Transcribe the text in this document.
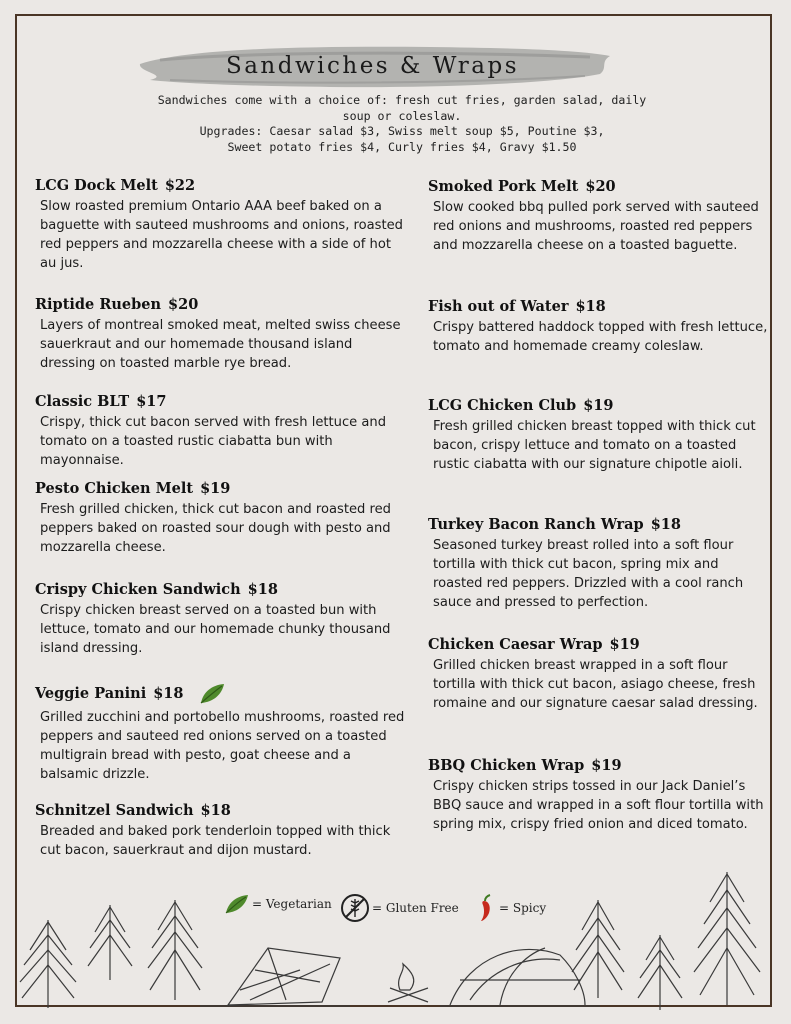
Sandwiches & Wraps
Sandwiches come with a choice of: fresh cut fries, garden salad, daily
soup or coleslaw.
Upgrades: Caesar salad $3, Swiss melt soup $5, Poutine $3,
Sweet potato fries $4, Curly fries $4, Gravy $1.50
LCG Dock Melt $22
Slow roasted premium Ontario AAA beef baked on a baguette with sauteed mushrooms and onions, roasted red peppers and mozzarella cheese with a side of hot au jus.
Riptide Rueben $20
Layers of montreal smoked meat, melted swiss cheese sauerkraut and our homemade thousand island dressing on toasted marble rye bread.
Classic BLT $17
Crispy, thick cut bacon served with fresh lettuce and tomato on a toasted rustic ciabatta bun with mayonnaise.
Pesto Chicken Melt $19
Fresh grilled chicken, thick cut bacon and roasted red peppers baked on roasted sour dough with pesto and mozzarella cheese.
Crispy Chicken Sandwich $18
Crispy chicken breast served on a toasted bun with lettuce, tomato and our homemade chunky thousand island dressing.
Veggie Panini $18
Grilled zucchini and portobello mushrooms, roasted red peppers and sauteed red onions served on a toasted multigrain bread with pesto, goat cheese and a balsamic drizzle.
Schnitzel Sandwich $18
Breaded and baked pork tenderloin topped with thick cut bacon, sauerkraut and dijon mustard.
Smoked Pork Melt $20
Slow cooked bbq pulled pork served with sauteed red onions and mushrooms, roasted red peppers and mozzarella cheese on a toasted baguette.
Fish out of Water $18
Crispy battered haddock topped with fresh lettuce, tomato and homemade creamy coleslaw.
LCG Chicken Club $19
Fresh grilled chicken breast topped with thick cut bacon, crispy lettuce and tomato on a toasted rustic ciabatta with our signature chipotle aioli.
Turkey Bacon Ranch Wrap $18
Seasoned turkey breast rolled into a soft flour tortilla with thick cut bacon, spring mix and roasted red peppers. Drizzled with a cool ranch sauce and pressed to perfection.
Chicken Caesar Wrap $19
Grilled chicken breast wrapped in a soft flour tortilla with thick cut bacon, asiago cheese, fresh romaine and our signature caesar salad dressing.
BBQ Chicken Wrap $19
Crispy chicken strips tossed in our Jack Daniel’s BBQ sauce and wrapped in a soft flour tortilla with spring mix, crispy fried onion and diced tomato.
= Vegetarian	= Gluten Free	= Spicy
